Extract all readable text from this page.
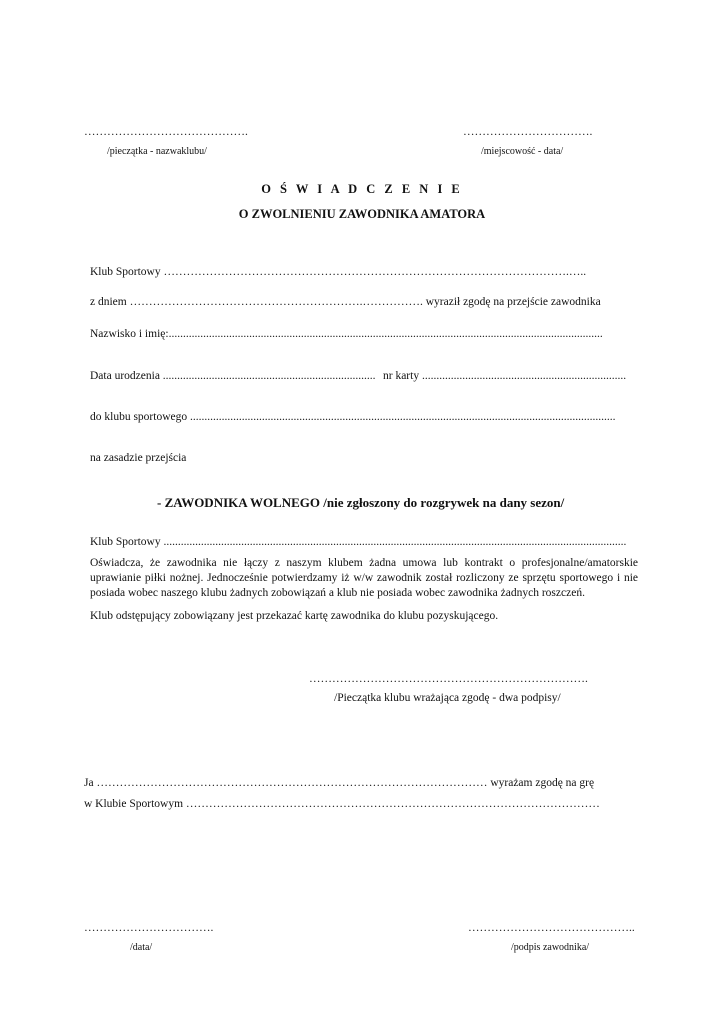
…………………………………….
/pieczątka - nazwaklubu/
…………………………….
/miejscowość - data/
O Ś W I A D C Z E N I E
O ZWOLNIENIU ZAWODNIKA AMATORA
Klub Sportowy …………………………………………………………………………………………….…..
z dniem …………………………………………………….……………. wyraził zgodę na przejście zawodnika
Nazwisko i imię:.......................................................................................................................................................
Data urodzenia .......................................................................... nr karty .......................................................................
do klubu sportowego ....................................................................................................................................................
na zasadzie przejścia
- ZAWODNIKA WOLNEGO /nie zgłoszony do rozgrywek na dany sezon/
Klub Sportowy .................................................................................................................................................................
Oświadcza, że zawodnika nie łączy z naszym klubem żadna umowa lub kontrakt o profesjonalne/amatorskie uprawianie piłki nożnej. Jednocześnie potwierdzamy iż w/w zawodnik został rozliczony ze sprzętu sportowego i nie posiada wobec naszego klubu żadnych zobowiązań a klub nie posiada wobec zawodnika żadnych roszczeń.
Klub odstępujący zobowiązany jest przekazać kartę zawodnika do klubu pozyskującego.
……………………………………………………………….
/Pieczątka klubu wrażająca zgodę - dwa podpisy/
Ja ………………………………………………………………………………………… wyrażam zgodę na grę
w Klubie Sportowym ………………………………………………………………………………………………
…………………………….
/data/
……………………………………..
/podpis zawodnika/
